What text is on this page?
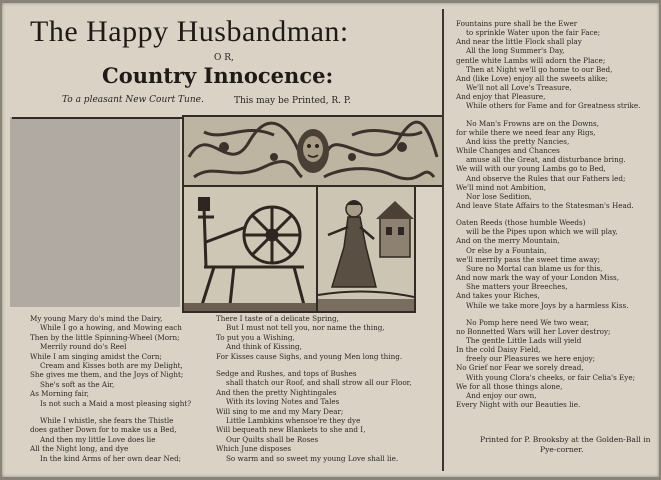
The Happy Husbandman:
O R,
Country Innocence:
To a pleasant New Court Tune.	This may be Printed, R. P.
My young Mary do's mind the Dairy,
While I go a howing, and Mowing each
Then by the little Spinning-Wheel (Morn;
Merrily round do's Reel
While I am singing amidst the Corn;
Cream and Kisses both are my Delight,
She gives me them, and the Joys of Night;
She's soft as the Air,
As Morning fair,
Is not such a Maid a most pleasing sight?
While I whistle, she fears the Thistle
does gather Down for to make us a Bed,
And then my little Love does lie
All the Night long, and dye
In the kind Arms of her own dear Ned;
There I taste of a delicate Spring,
But I must not tell you, nor name the thing,
To put you a Wishing,
And think of Kissing,
For Kisses cause Sighs, and young Men long thing.
Sedge and Rushes, and tops of Bushes
shall thatch our Roof, and shall strow all our Floor,
And then the pretty Nightingales
With its loving Notes and Tales
Will sing to me and my Mary Dear;
Little Lambkins whensoe're they dye
Will bequeath new Blankets to she and I,
Our Quilts shall be Roses
Which June disposes
So warm and so sweet my young Love shall lie.
Fountains pure shall be the Ewer
to sprinkle Water upon the fair Face;
And near the little Flock shall play
All the long Summer's Day,
gentle white Lambs will adorn the Place;
Then at Night we'll go home to our Bed,
And (like Love) enjoy all the sweets alike;
We'll not all Love's Treasure,
And enjoy that Pleasure,
While others for Fame and for Greatness strike.
No Man's Frowns are on the Downs,
for while there we need fear any Rigs,
And kiss the pretty Nancies,
While Changes and Chances
amuse all the Great, and disturbance bring.
We will with our young Lambs go to Bed,
And observe the Rules that our Fathers led;
We'll mind not Ambition,
Nor lose Sedition,
And leave State Affairs to the Statesman's Head.
Oaten Reeds (those humble Weeds)
will be the Pipes upon which we will play,
And on the merry Mountain,
Or else by a Fountain,
we'll merrily pass the sweet time away;
Sure no Mortal can blame us for this,
And now mark the way of your London Miss,
She matters your Breeches,
And takes your Riches,
While we take more Joys by a harmless Kiss.
No Pomp here need We two wear,
no Bonnetted Wars will her Lover destroy;
The gentle Little Lads will yield
In the cold Daisy Field,
freely our Pleasures we here enjoy;
No Grief nor Fear we sorely dread,
With young Clora's cheeks, or fair Celia's Eye;
We for all those things alone,
And enjoy our own,
Every Night with our Beauties lie.
Printed for P. Brooksby at the Golden-Ball in
Pye-corner.
